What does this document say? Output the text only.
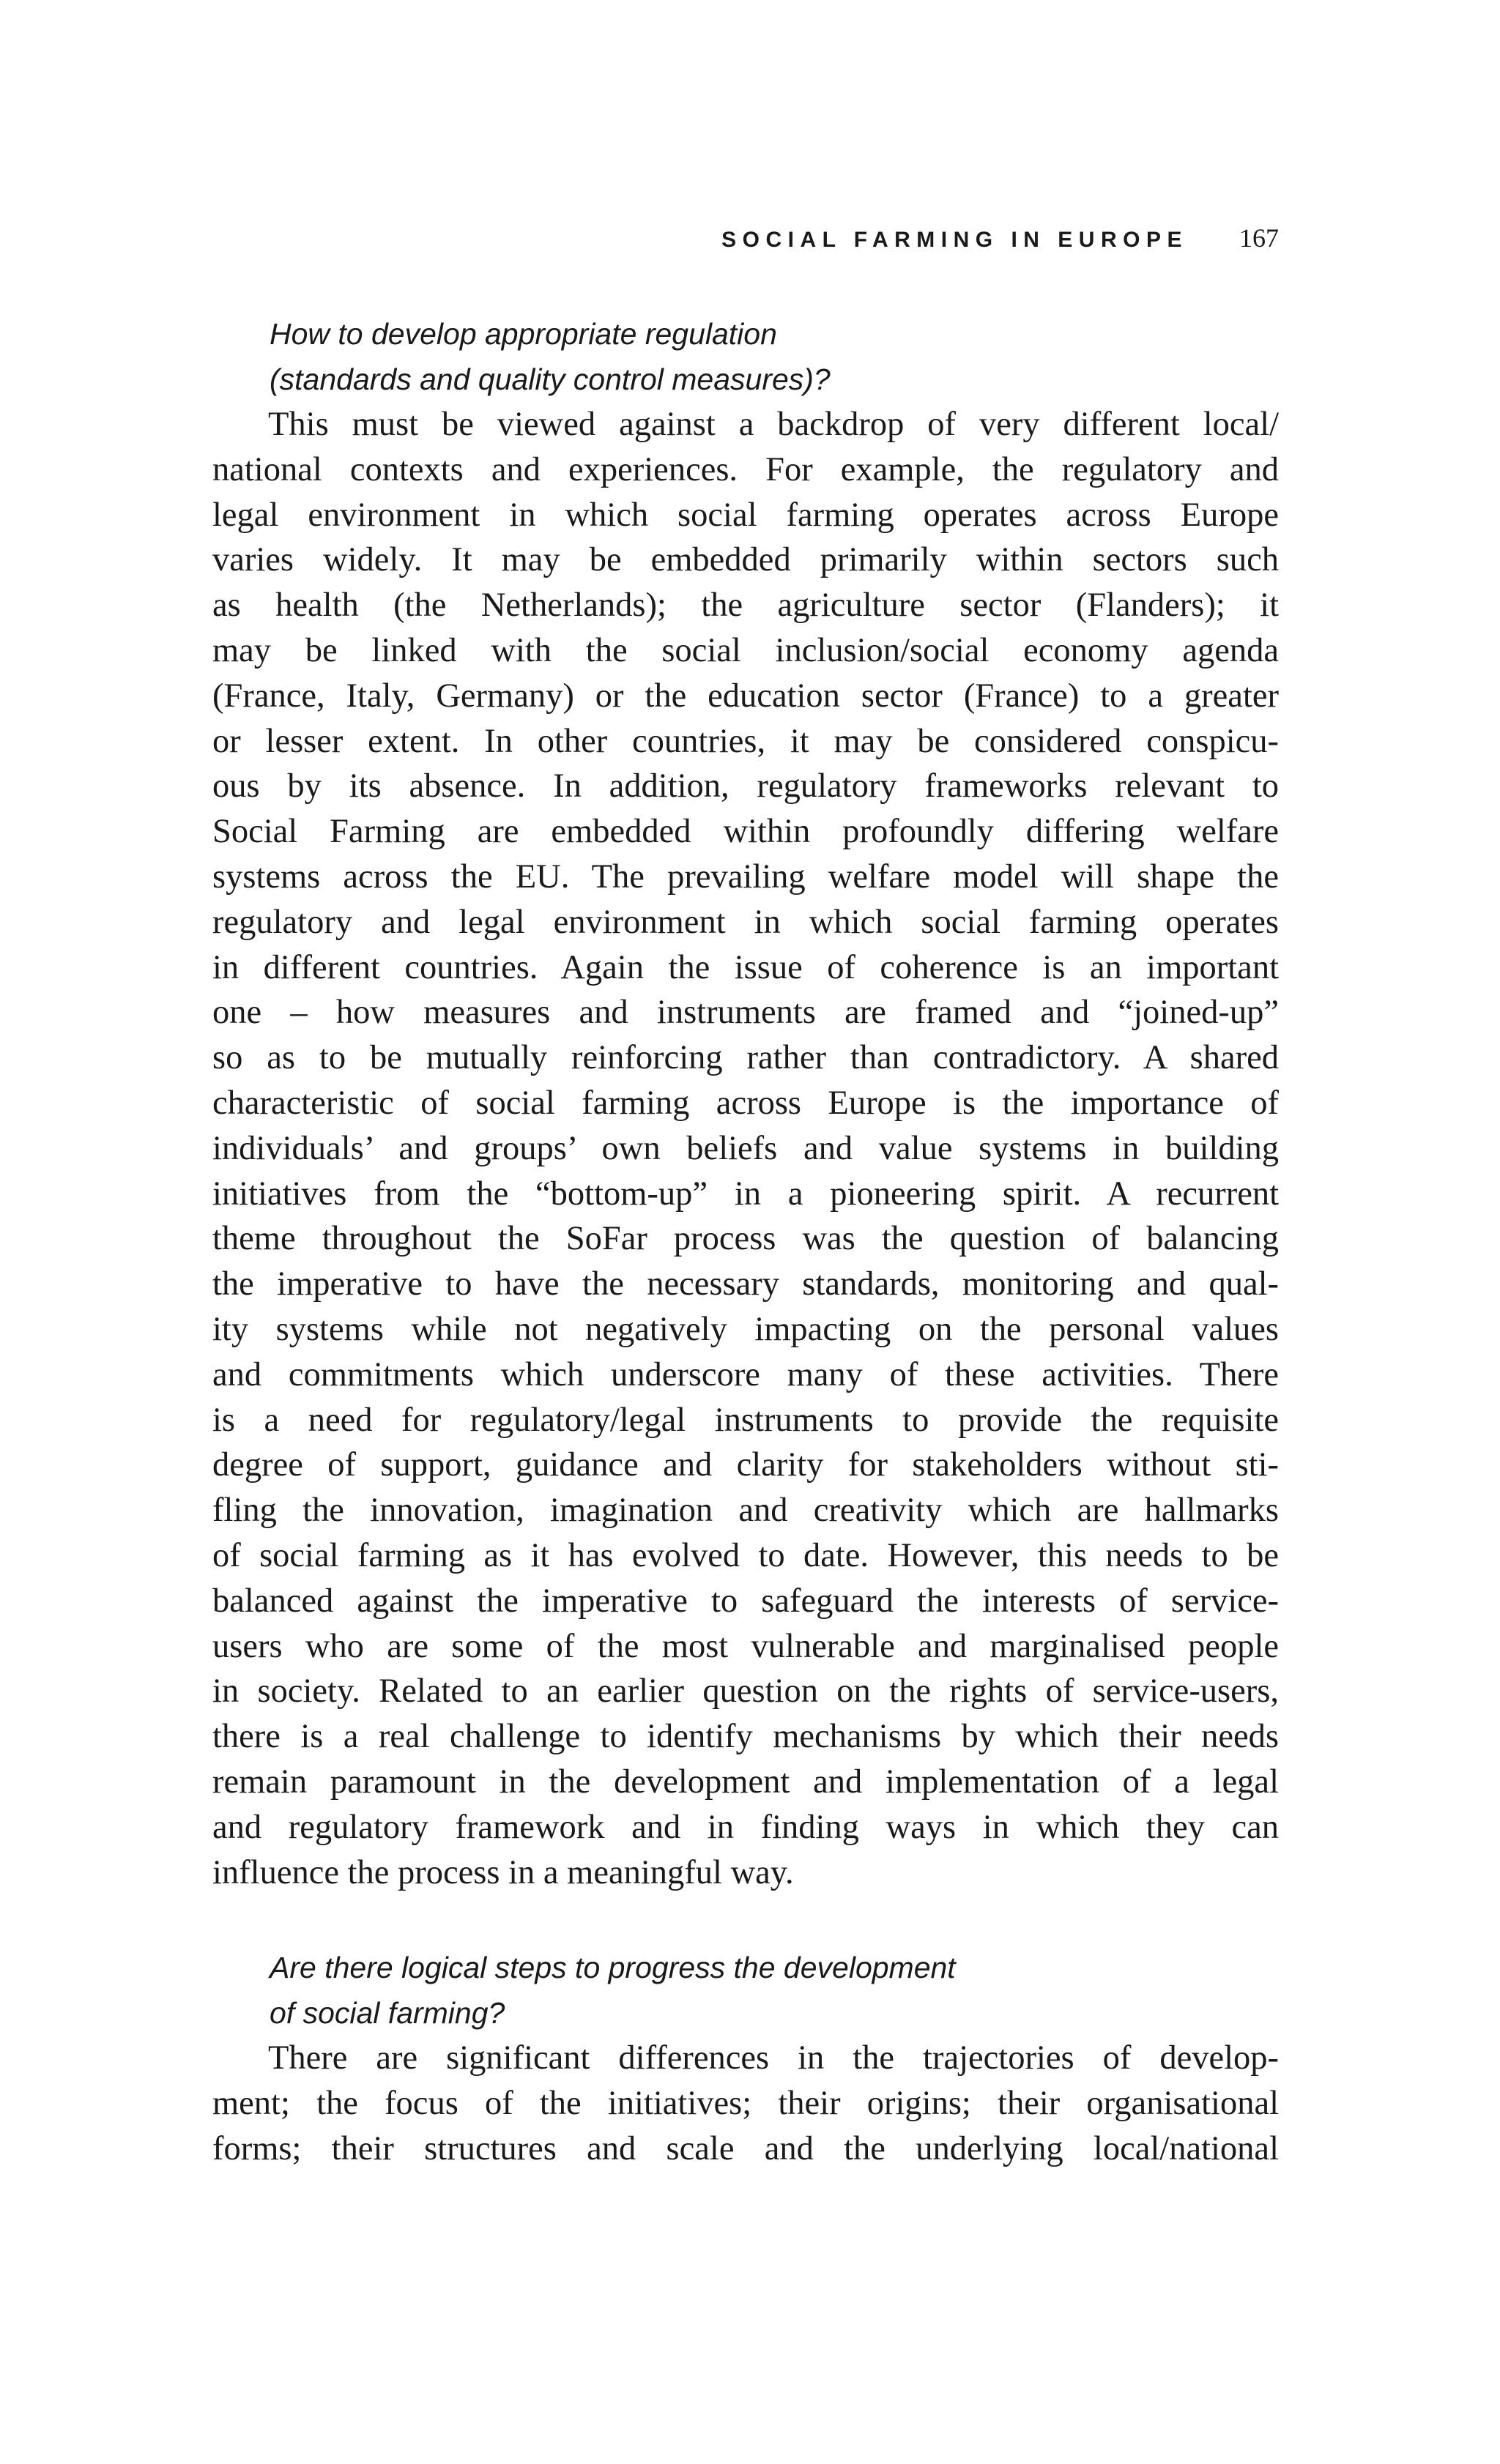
SOCIAL FARMING IN EUROPE 167
How to develop appropriate regulation
(standards and quality control measures)?
This must be viewed against a backdrop of very different local/
national contexts and experiences. For example, the regulatory and
legal environment in which social farming operates across Europe
varies widely. It may be embedded primarily within sectors such
as health (the Netherlands); the agriculture sector (Flanders); it
may be linked with the social inclusion/social economy agenda
(France, Italy, Germany) or the education sector (France) to a greater
or lesser extent. In other countries, it may be considered conspicu-
ous by its absence. In addition, regulatory frameworks relevant to
Social Farming are embedded within profoundly differing welfare
systems across the EU. The prevailing welfare model will shape the
regulatory and legal environment in which social farming operates
in different countries. Again the issue of coherence is an important
one – how measures and instruments are framed and “joined-up”
so as to be mutually reinforcing rather than contradictory. A shared
characteristic of social farming across Europe is the importance of
individuals’ and groups’ own beliefs and value systems in building
initiatives from the “bottom-up” in a pioneering spirit. A recurrent
theme throughout the SoFar process was the question of balancing
the imperative to have the necessary standards, monitoring and qual-
ity systems while not negatively impacting on the personal values
and commitments which underscore many of these activities. There
is a need for regulatory/legal instruments to provide the requisite
degree of support, guidance and clarity for stakeholders without sti-
fling the innovation, imagination and creativity which are hallmarks
of social farming as it has evolved to date. However, this needs to be
balanced against the imperative to safeguard the interests of service-
users who are some of the most vulnerable and marginalised people
in society. Related to an earlier question on the rights of service-users,
there is a real challenge to identify mechanisms by which their needs
remain paramount in the development and implementation of a legal
and regulatory framework and in finding ways in which they can
influence the process in a meaningful way.
Are there logical steps to progress the development
of social farming?
There are significant differences in the trajectories of develop-
ment; the focus of the initiatives; their origins; their organisational
forms; their structures and scale and the underlying local/national
